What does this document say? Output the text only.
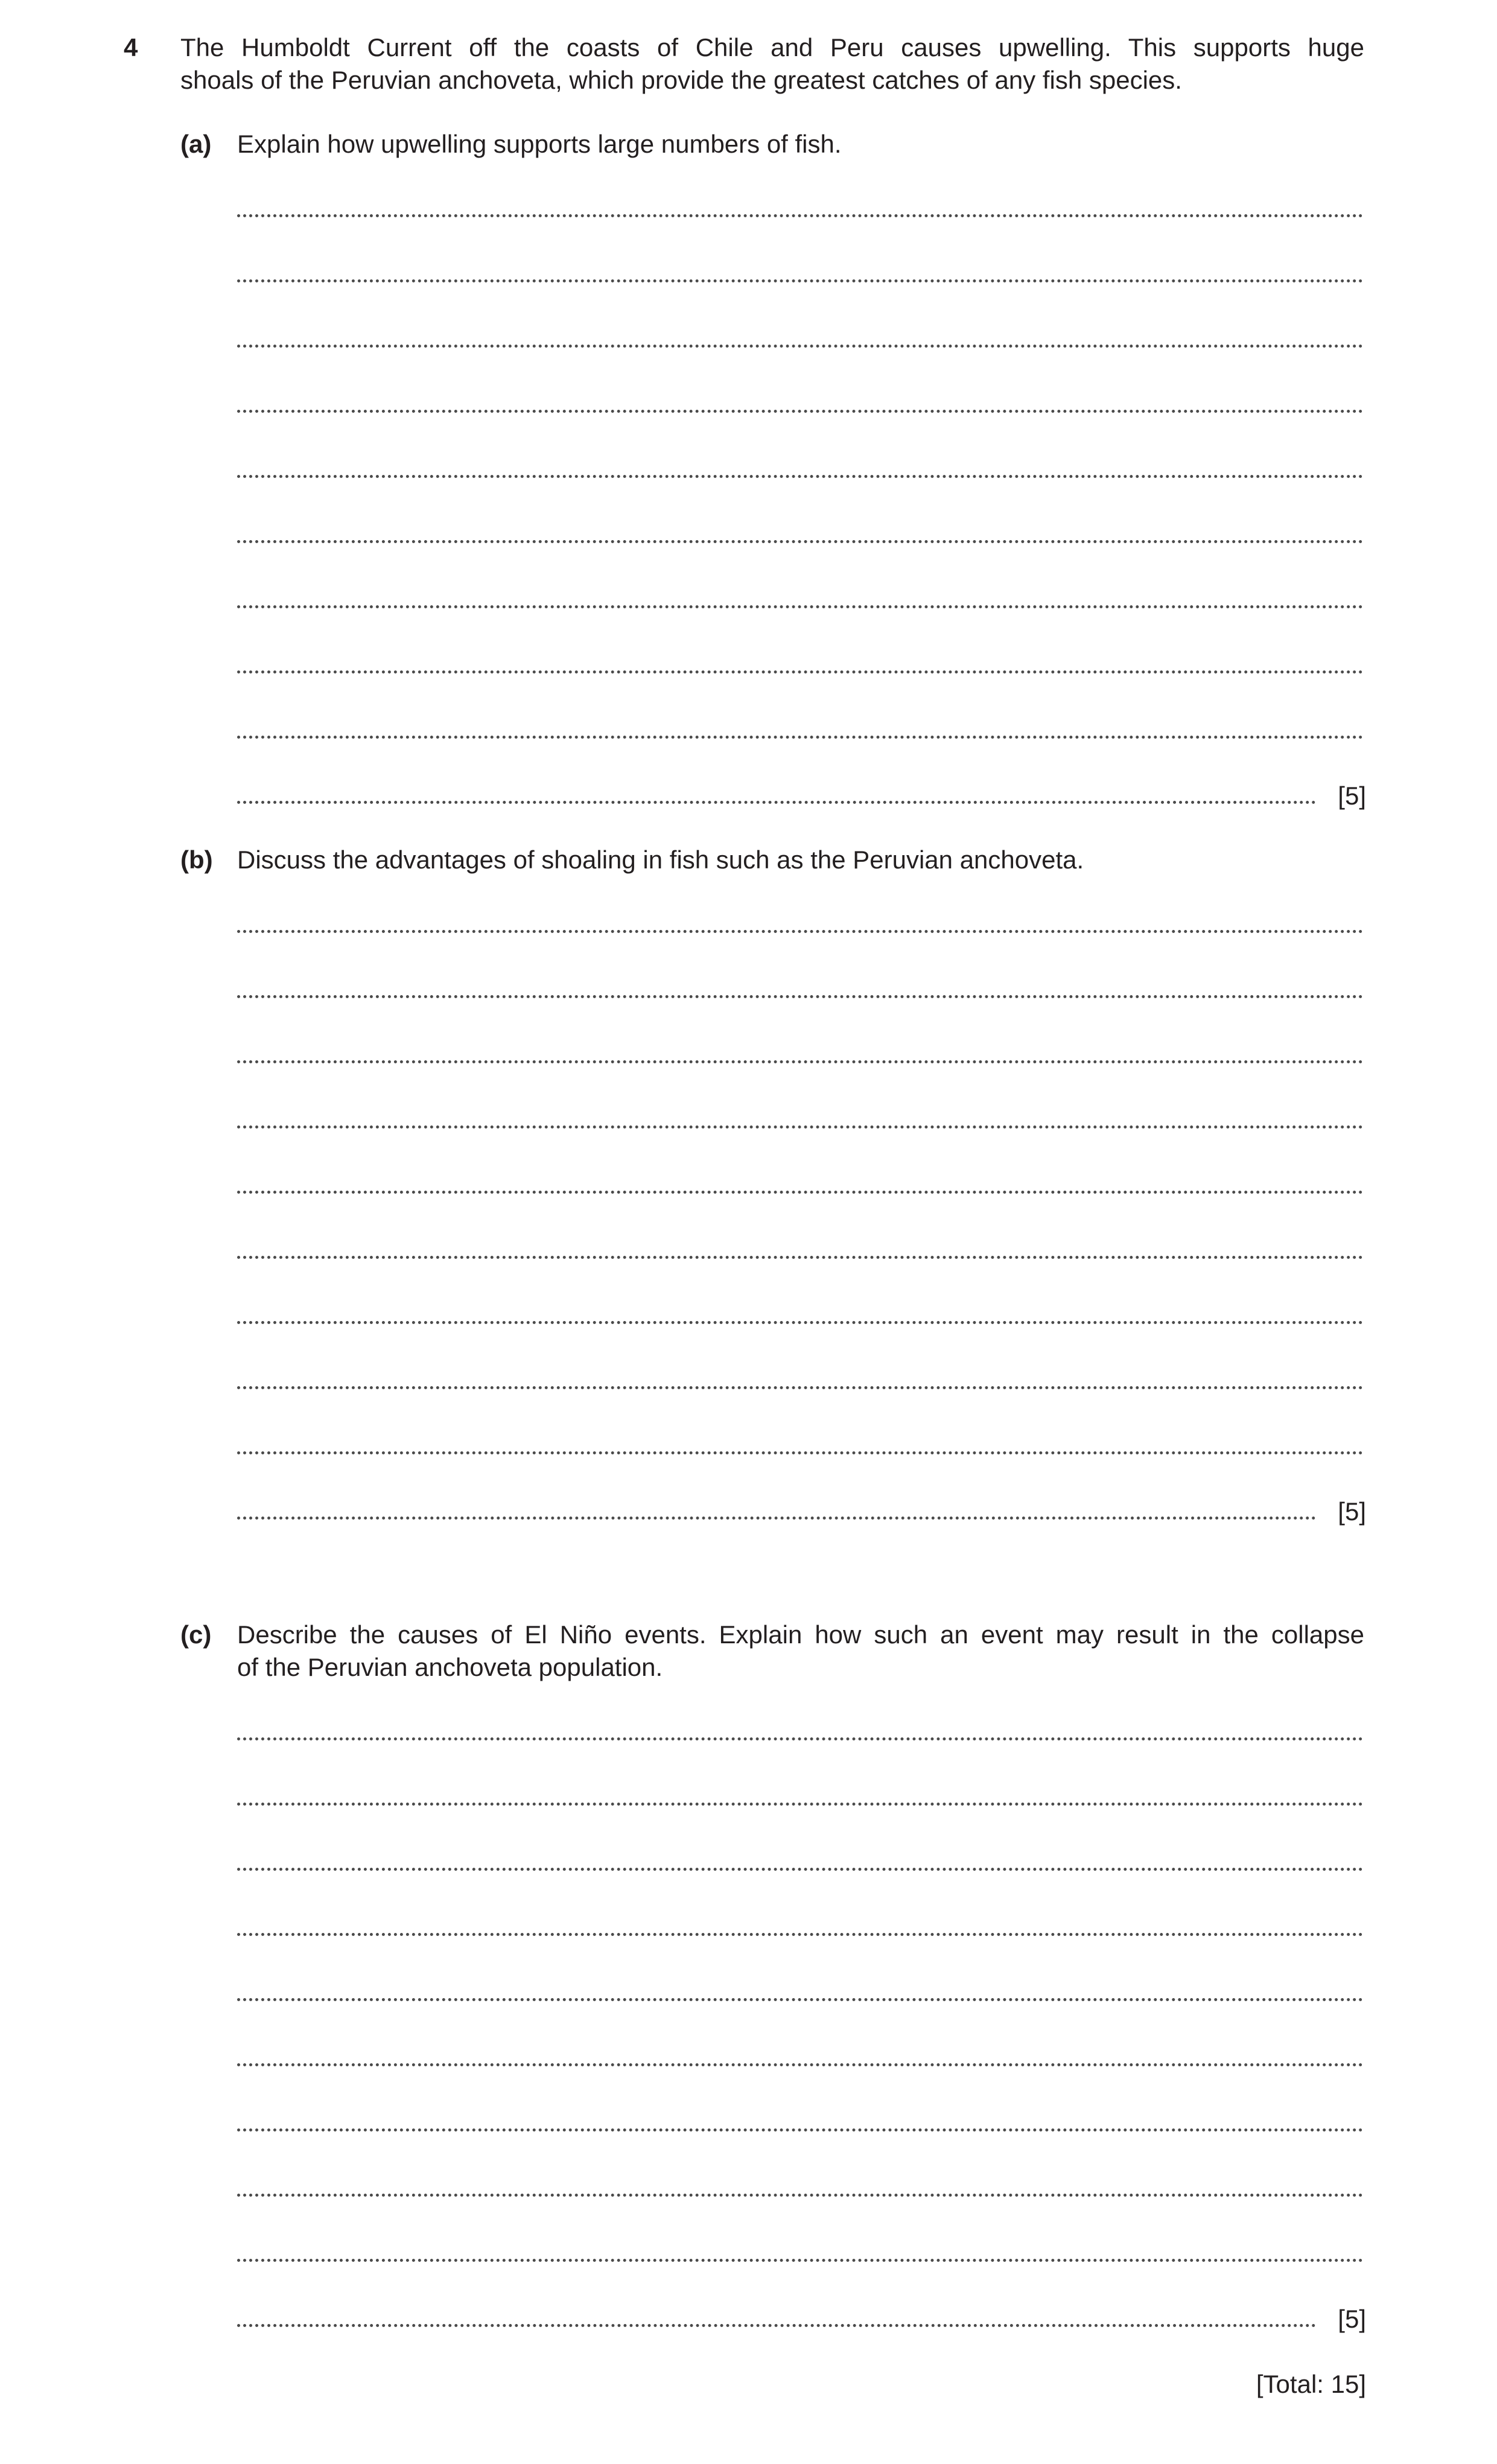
4 The Humboldt Current off the coasts of Chile and Peru causes upwelling. This supports huge
shoals of the Peruvian anchoveta, which provide the greatest catches of any fish species.
(a) Explain how upwelling supports large numbers of fish.
[5]
(b) Discuss the advantages of shoaling in fish such as the Peruvian anchoveta.
[5]
(c) Describe the causes of El Niño events. Explain how such an event may result in the collapse
of the Peruvian anchoveta population.
[5]
[Total: 15]
